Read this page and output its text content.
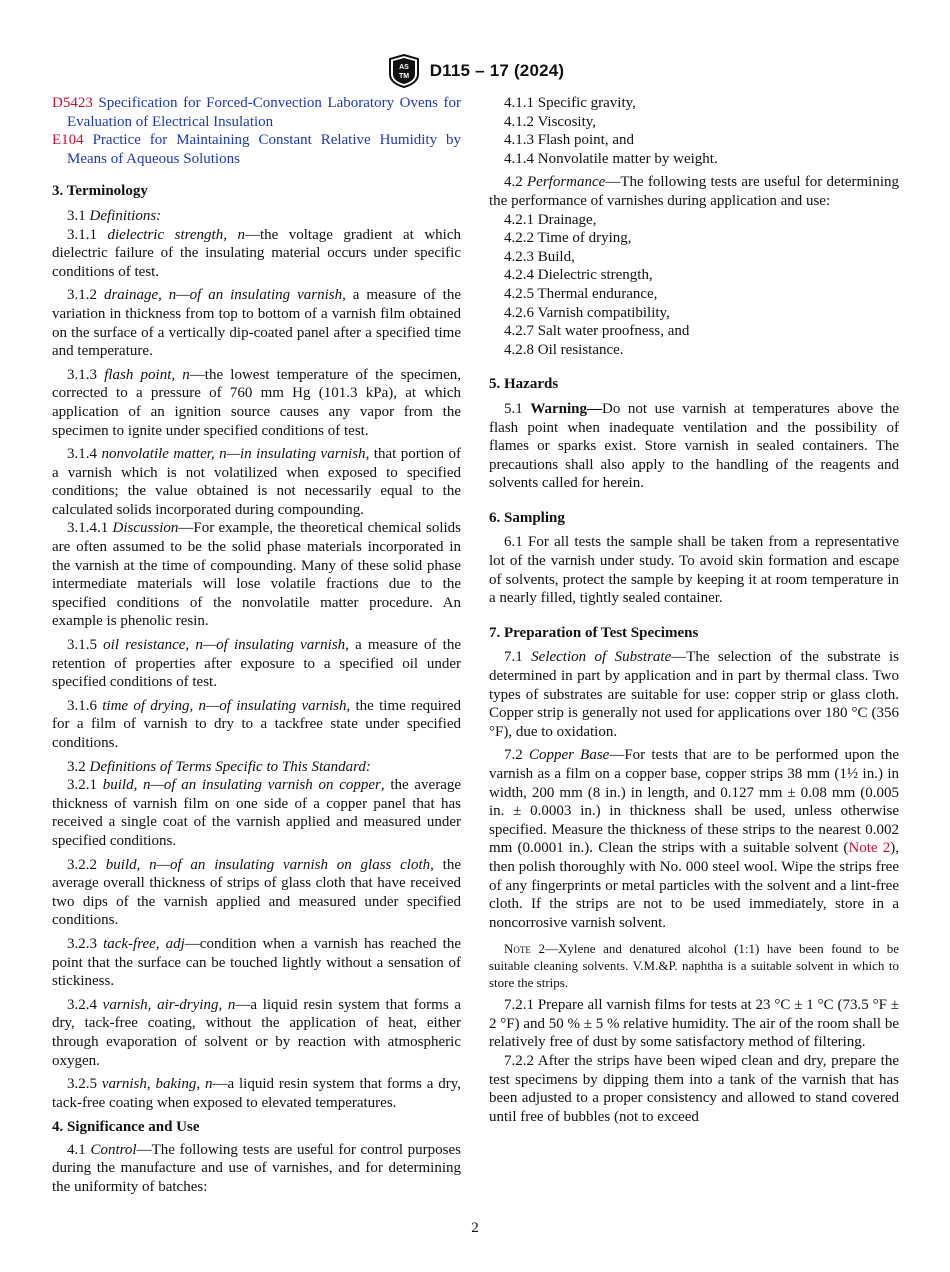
AS
TM D115 – 17 (2024)

D5423 Specification for Forced-Convection Laboratory Ovens for Evaluation of Electrical Insulation

E104 Practice for Maintaining Constant Relative Humidity by Means of Aqueous Solutions

3. Terminology

3.1 Definitions:

3.1.1 dielectric strength, n—the voltage gradient at which dielectric failure of the insulating material occurs under specific conditions of test.

3.1.2 drainage, n—of an insulating varnish, a measure of the variation in thickness from top to bottom of a varnish film obtained on the surface of a vertically dip-coated panel after a specified time and temperature.

3.1.3 flash point, n—the lowest temperature of the specimen, corrected to a pressure of 760 mm Hg (101.3 kPa), at which application of an ignition source causes any vapor from the specimen to ignite under specified conditions of test.

3.1.4 nonvolatile matter, n—in insulating varnish, that portion of a varnish which is not volatilized when exposed to specified conditions; the value obtained is not necessarily equal to the calculated solids incorporated during compounding.

3.1.4.1 Discussion—For example, the theoretical chemical solids are often assumed to be the solid phase materials incorporated in the varnish at the time of compounding. Many of these solid phase intermediate materials will lose volatile fractions due to the specified conditions of the nonvolatile matter procedure. An example is phenolic resin.

3.1.5 oil resistance, n—of insulating varnish, a measure of the retention of properties after exposure to a specified oil under specified conditions of test.

3.1.6 time of drying, n—of insulating varnish, the time required for a film of varnish to dry to a tackfree state under specified conditions.

3.2 Definitions of Terms Specific to This Standard:

3.2.1 build, n—of an insulating varnish on copper, the average thickness of varnish film on one side of a copper panel that has received a single coat of the varnish applied and measured under specified conditions.

3.2.2 build, n—of an insulating varnish on glass cloth, the average overall thickness of strips of glass cloth that have received two dips of the varnish applied and measured under specified conditions.

3.2.3 tack-free, adj—condition when a varnish has reached the point that the surface can be touched lightly without a sensation of stickiness.

3.2.4 varnish, air-drying, n—a liquid resin system that forms a dry, tack-free coating, without the application of heat, either through evaporation of solvent or by reaction with atmospheric oxygen.

3.2.5 varnish, baking, n—a liquid resin system that forms a dry, tack-free coating when exposed to elevated temperatures.

4. Significance and Use

4.1 Control—The following tests are useful for control purposes during the manufacture and use of varnishes, and for determining the uniformity of batches:

4.1.1 Specific gravity,

4.1.2 Viscosity,

4.1.3 Flash point, and

4.1.4 Nonvolatile matter by weight.

4.2 Performance—The following tests are useful for determining the performance of varnishes during application and use:

4.2.1 Drainage,

4.2.2 Time of drying,

4.2.3 Build,

4.2.4 Dielectric strength,

4.2.5 Thermal endurance,

4.2.6 Varnish compatibility,

4.2.7 Salt water proofness, and

4.2.8 Oil resistance.

5. Hazards

5.1 Warning—Do not use varnish at temperatures above the flash point when inadequate ventilation and the possibility of flames or sparks exist. Store varnish in sealed containers. The precautions shall also apply to the handling of the reagents and solvents called for herein.

6. Sampling

6.1 For all tests the sample shall be taken from a representative lot of the varnish under study. To avoid skin formation and escape of solvents, protect the sample by keeping it at room temperature in a nearly filled, tightly sealed container.

7. Preparation of Test Specimens

7.1 Selection of Substrate—The selection of the substrate is determined in part by application and in part by thermal class. Two types of substrates are suitable for use: copper strip or glass cloth. Copper strip is generally not used for applications over 180 °C (356 °F), due to oxidation.

7.2 Copper Base—For tests that are to be performed upon the varnish as a film on a copper base, copper strips 38 mm (1½ in.) in width, 200 mm (8 in.) in length, and 0.127 mm ± 0.08 mm (0.005 in. ± 0.0003 in.) in thickness shall be used, unless otherwise specified. Measure the thickness of these strips to the nearest 0.002 mm (0.0001 in.). Clean the strips with a suitable solvent (Note 2), then polish thoroughly with No. 000 steel wool. Wipe the strips free of any fingerprints or metal particles with the solvent and a lint-free cloth. If the strips are not to be used immediately, store in a noncorrosive varnish solvent.

Note 2—Xylene and denatured alcohol (1:1) have been found to be suitable cleaning solvents. V.M.&P. naphtha is a suitable solvent in which to store the strips.

7.2.1 Prepare all varnish films for tests at 23 °C ± 1 °C (73.5 °F ± 2 °F) and 50 % ± 5 % relative humidity. The air of the room shall be relatively free of dust by some satisfactory method of filtering.

7.2.2 After the strips have been wiped clean and dry, prepare the test specimens by dipping them into a tank of the varnish that has been adjusted to a proper consistency and allowed to stand covered until free of bubbles (not to exceed

2
